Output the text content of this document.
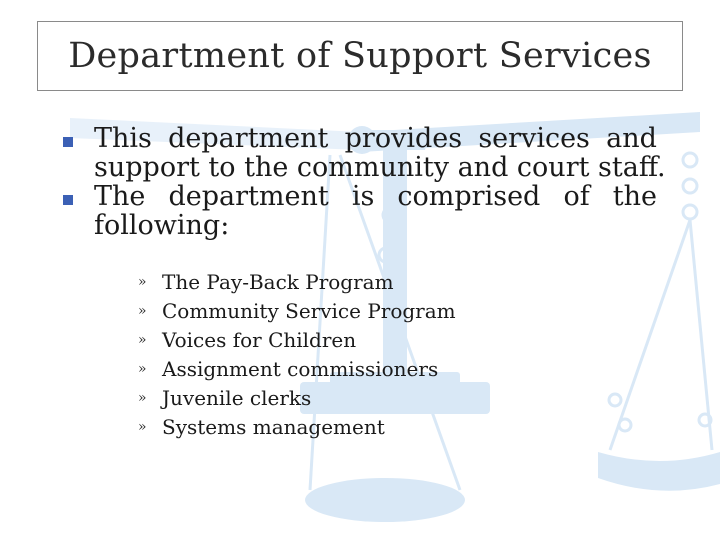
Department of Support Services
This department provides services and
support to the community and court staff.
The department is comprised of the
following:
» The Pay-Back Program
» Community Service Program
» Voices for Children
» Assignment commissioners
» Juvenile clerks
» Systems management
